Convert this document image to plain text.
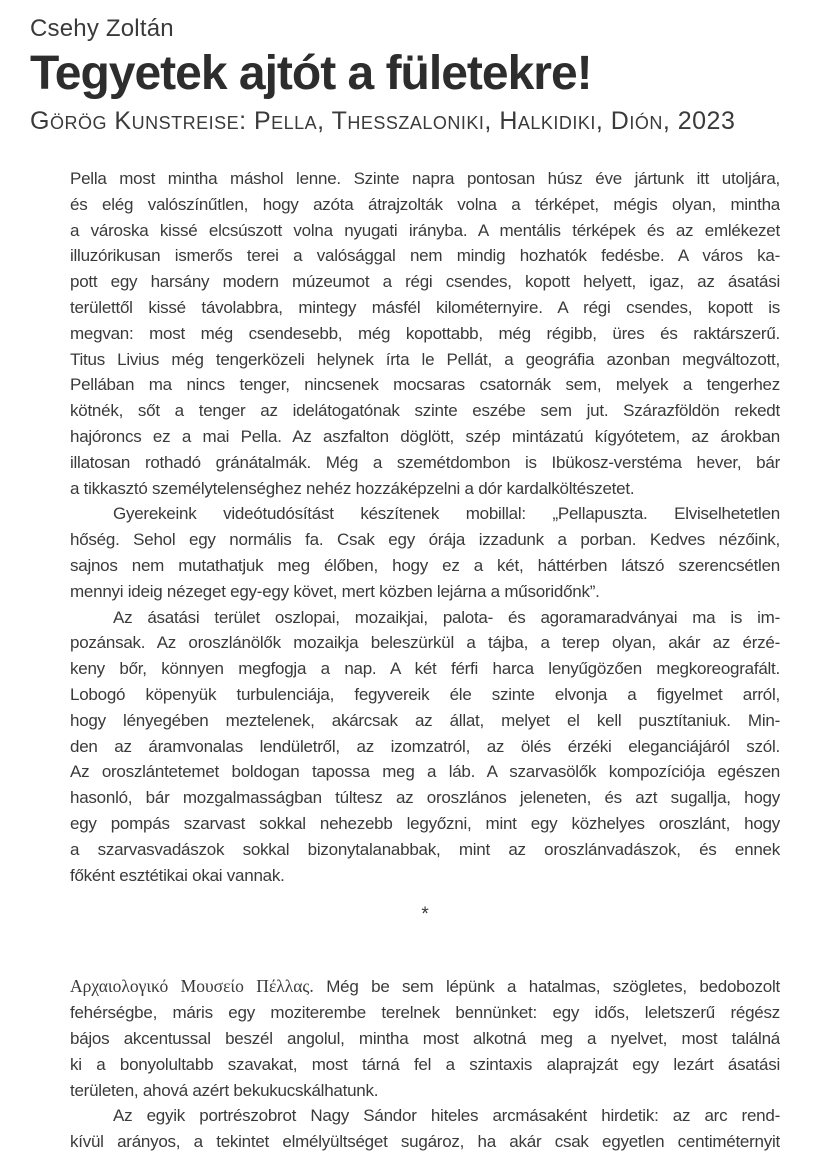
Csehy Zoltán
Tegyetek ajtót a fületekre!
Görög Kunstreise: Pella, Thesszaloniki, Halkidiki, Dión, 2023
Pella most mintha máshol lenne. Szinte napra pontosan húsz éve jártunk itt utoljára,
és elég valószínűtlen, hogy azóta átrajzolták volna a térképet, mégis olyan, mintha
a városka kissé elcsúszott volna nyugati irányba. A mentális térképek és az emlékezet
illuzórikusan ismerős terei a valósággal nem mindig hozhatók fedésbe. A város ka-
pott egy harsány modern múzeumot a régi csendes, kopott helyett, igaz, az ásatási
területtől kissé távolabbra, mintegy másfél kilométernyire. A régi csendes, kopott is
megvan: most még csendesebb, még kopottabb, még régibb, üres és raktárszerű.
Titus Livius még tengerközeli helynek írta le Pellát, a geográfia azonban megváltozott,
Pellában ma nincs tenger, nincsenek mocsaras csatornák sem, melyek a tengerhez
kötnék, sőt a tenger az idelátogatónak szinte eszébe sem jut. Szárazföldön rekedt
hajóroncs ez a mai Pella. Az aszfalton döglött, szép mintázatú kígyótetem, az árokban
illatosan rothadó gránátalmák. Még a szemétdombon is Ibükosz-verstéma hever, bár
a tikkasztó személytelenséghez nehéz hozzáképzelni a dór kardalköltészetet.
Gyerekeink videótudósítást készítenek mobillal: „Pellapuszta. Elviselhetetlen
hőség. Sehol egy normális fa. Csak egy órája izzadunk a porban. Kedves nézőink,
sajnos nem mutathatjuk meg élőben, hogy ez a két, háttérben látszó szerencsétlen
mennyi ideig nézeget egy-egy követ, mert közben lejárna a műsoridőnk”.
Az ásatási terület oszlopai, mozaikjai, palota- és agoramaradványai ma is im-
pozánsak. Az oroszlánölők mozaikja beleszürkül a tájba, a terep olyan, akár az érzé-
keny bőr, könnyen megfogja a nap. A két férfi harca lenyűgözően megkoreografált.
Lobogó köpenyük turbulenciája, fegyvereik éle szinte elvonja a figyelmet arról,
hogy lényegében meztelenek, akárcsak az állat, melyet el kell pusztítaniuk. Min-
den az áramvonalas lendületről, az izomzatról, az ölés érzéki eleganciájáról szól.
Az oroszlántetemet boldogan tapossa meg a láb. A szarvasölők kompozíciója egészen
hasonló, bár mozgalmasságban túltesz az oroszlános jeleneten, és azt sugallja, hogy
egy pompás szarvast sokkal nehezebb legyőzni, mint egy közhelyes oroszlánt, hogy
a szarvasvadászok sokkal bizonytalanabbak, mint az oroszlánvadászok, és ennek
főként esztétikai okai vannak.
*
Αρχαιολογικό Μουσείο Πέλλας. Még be sem lépünk a hatalmas, szögletes, bedobozolt
fehérségbe, máris egy moziterembe terelnek bennünket: egy idős, leletszerű régész
bájos akcentussal beszél angolul, mintha most alkotná meg a nyelvet, most találná
ki a bonyolultabb szavakat, most tárná fel a szintaxis alaprajzát egy lezárt ásatási
területen, ahová azért bekukucskálhatunk.
Az egyik portrészobrot Nagy Sándor hiteles arcmásaként hirdetik: az arc rend-
kívül arányos, a tekintet elmélyültséget sugároz, ha akár csak egyetlen centiméternyit
